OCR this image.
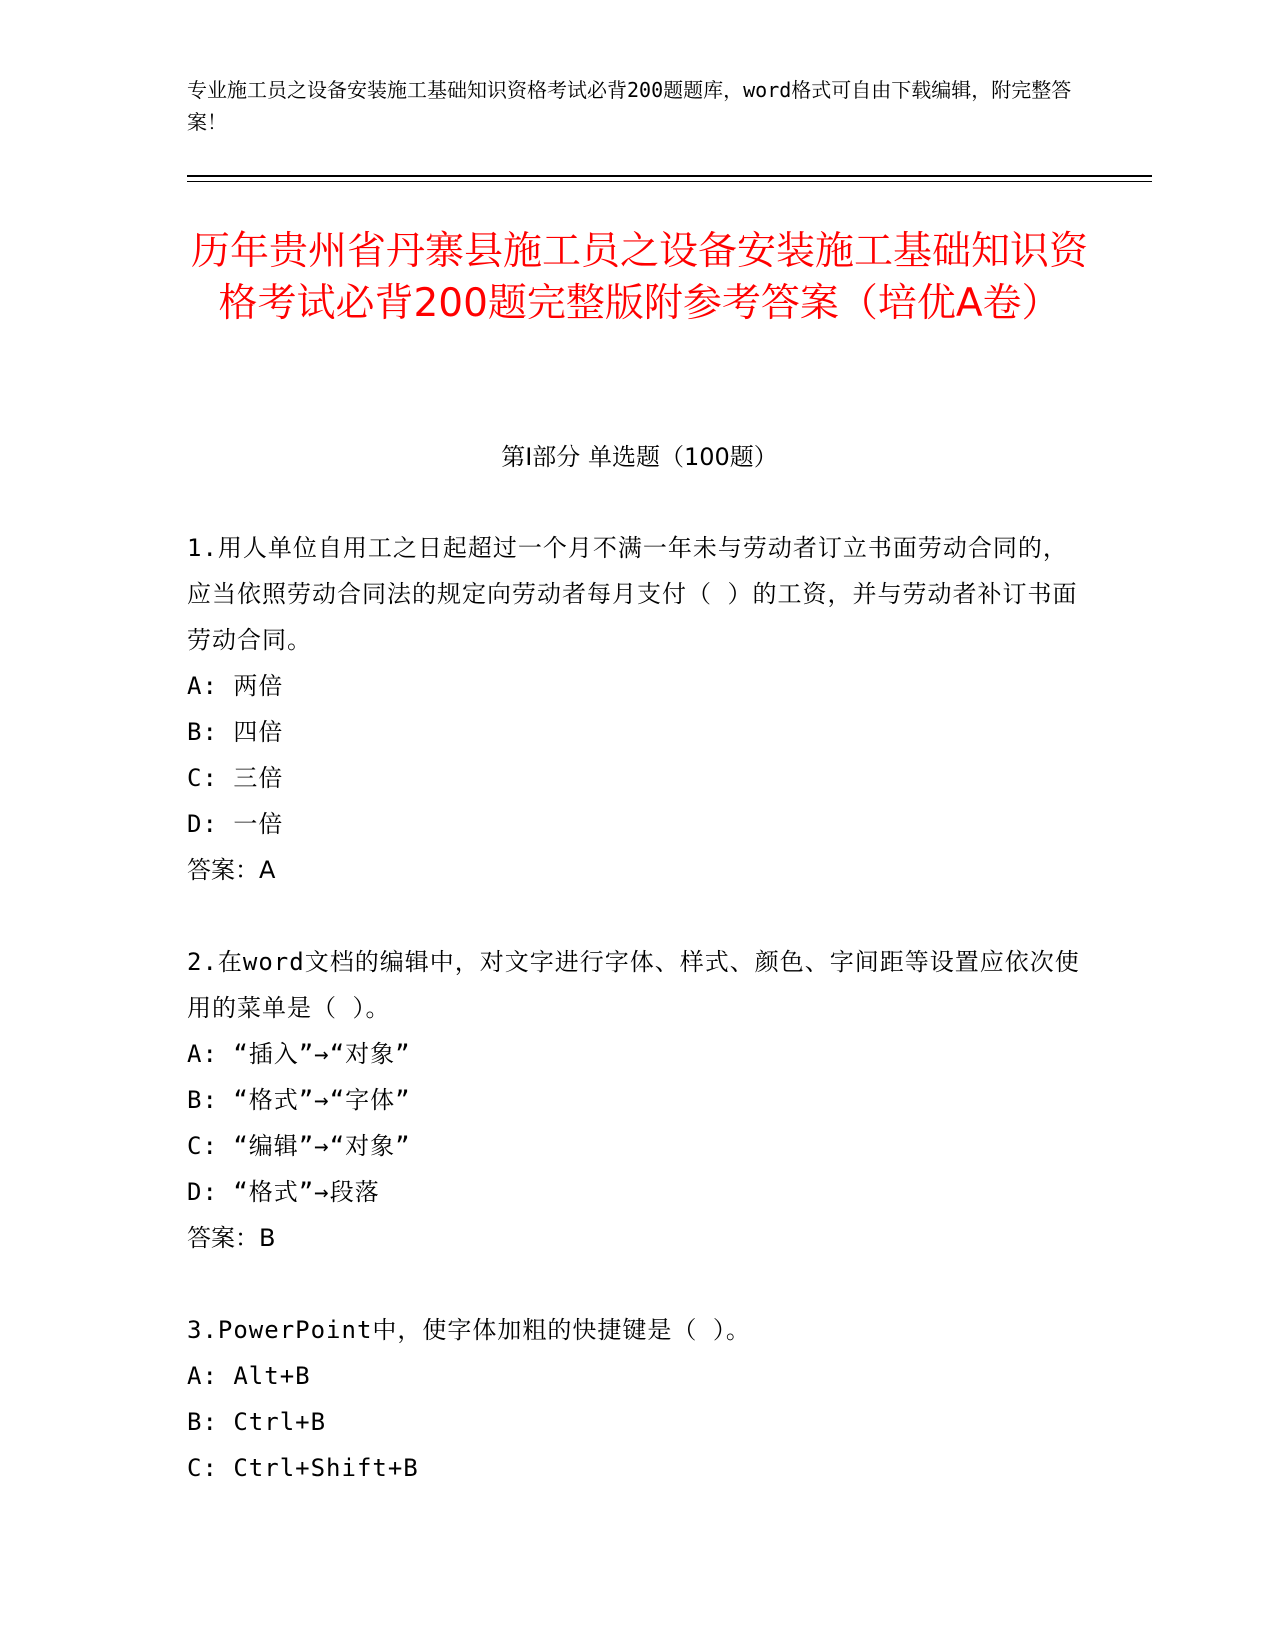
专业施工员之设备安装施工基础知识资格考试必背200题题库，word格式可自由下载编辑，附完整答案！
历年贵州省丹寨县施工员之设备安装施工基础知识资格考试必背200题完整版附参考答案（培优A卷）
第Ⅰ部分 单选题（100题）

1.用人单位自用工之日起超过一个月不满一年未与劳动者订立书面劳动合同的，应当依照劳动合同法的规定向劳动者每月支付（ ）的工资，并与劳动者补订书面劳动合同。

A: 两倍

B: 四倍

C: 三倍

D: 一倍

答案：A

2.在word文档的编辑中，对文字进行字体、样式、颜色、字间距等设置应依次使用的菜单是（ ）。

A: “插入”→“对象”

B: “格式”→“字体”

C: “编辑”→“对象”

D: “格式”→段落

答案：B

3.PowerPoint中，使字体加粗的快捷键是（ ）。

A: Alt+B

B: Ctrl+B

C: Ctrl+Shift+B
